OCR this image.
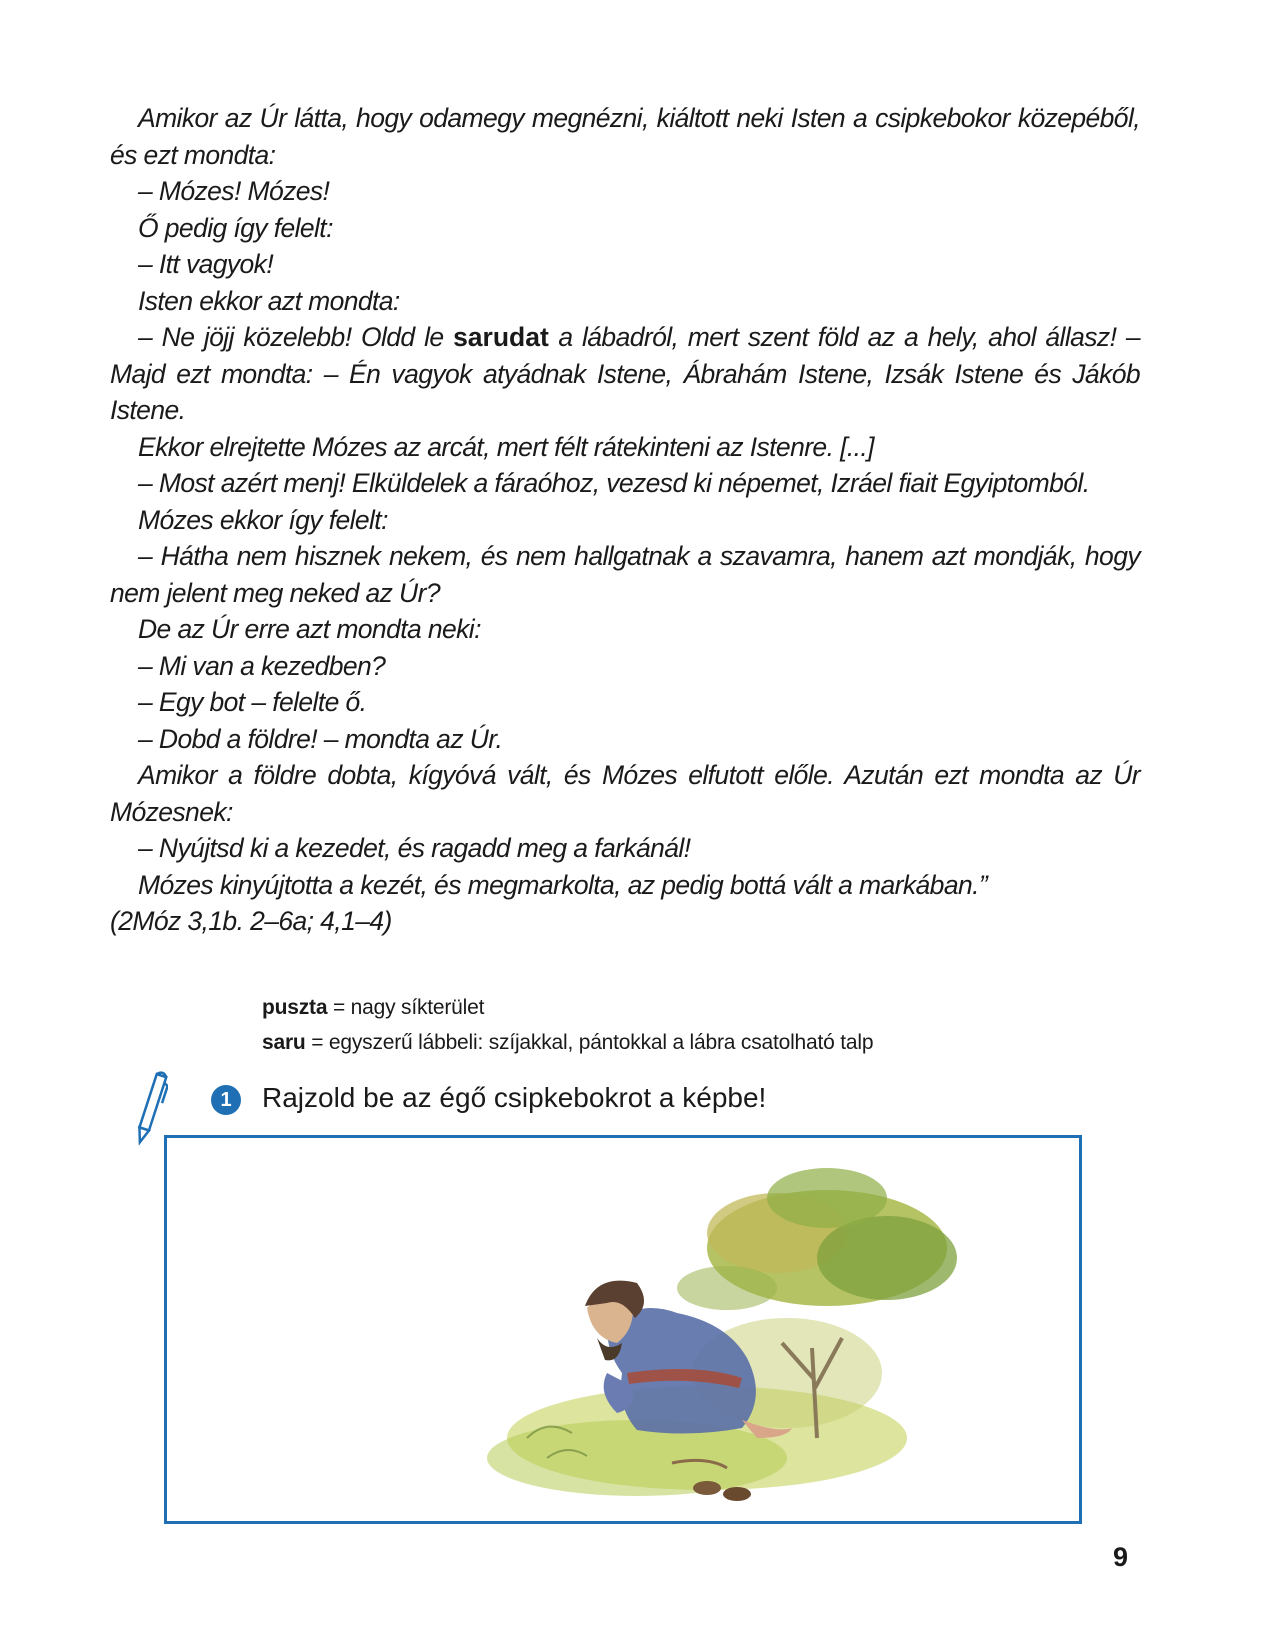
Amikor az Úr látta, hogy odamegy megnézni, kiáltott neki Isten a csipkebokor közepéből, és ezt mondta:

– Mózes! Mózes!

Ő pedig így felelt:

– Itt vagyok!

Isten ekkor azt mondta:

– Ne jöjj közelebb! Oldd le sarudat a lábadról, mert szent föld az a hely, ahol állasz! – Majd ezt mondta: – Én vagyok atyádnak Istene, Ábrahám Istene, Izsák Istene és Jákób Istene.

Ekkor elrejtette Mózes az arcát, mert félt rátekinteni az Istenre. [...]

– Most azért menj! Elküldelek a fáraóhoz, vezesd ki népemet, Izráel fiait Egyiptomból.

Mózes ekkor így felelt:

– Hátha nem hisznek nekem, és nem hallgatnak a szavamra, hanem azt mondják, hogy nem jelent meg neked az Úr?

De az Úr erre azt mondta neki:

– Mi van a kezedben?

– Egy bot – felelte ő.

– Dobd a földre! – mondta az Úr.

Amikor a földre dobta, kígyóvá vált, és Mózes elfutott előle. Azután ezt mondta az Úr Mózesnek:

– Nyújtsd ki a kezedet, és ragadd meg a farkánál!

Mózes kinyújtotta a kezét, és megmarkolta, az pedig bottá vált a markában.”

(2Móz 3,1b. 2–6a; 4,1–4)

puszta = nagy síkterület
saru = egyszerű lábbeli: szíjakkal, pántokkal a lábra csatolható talp
1	Rajzold be az égő csipkebokrot a képbe!
9
